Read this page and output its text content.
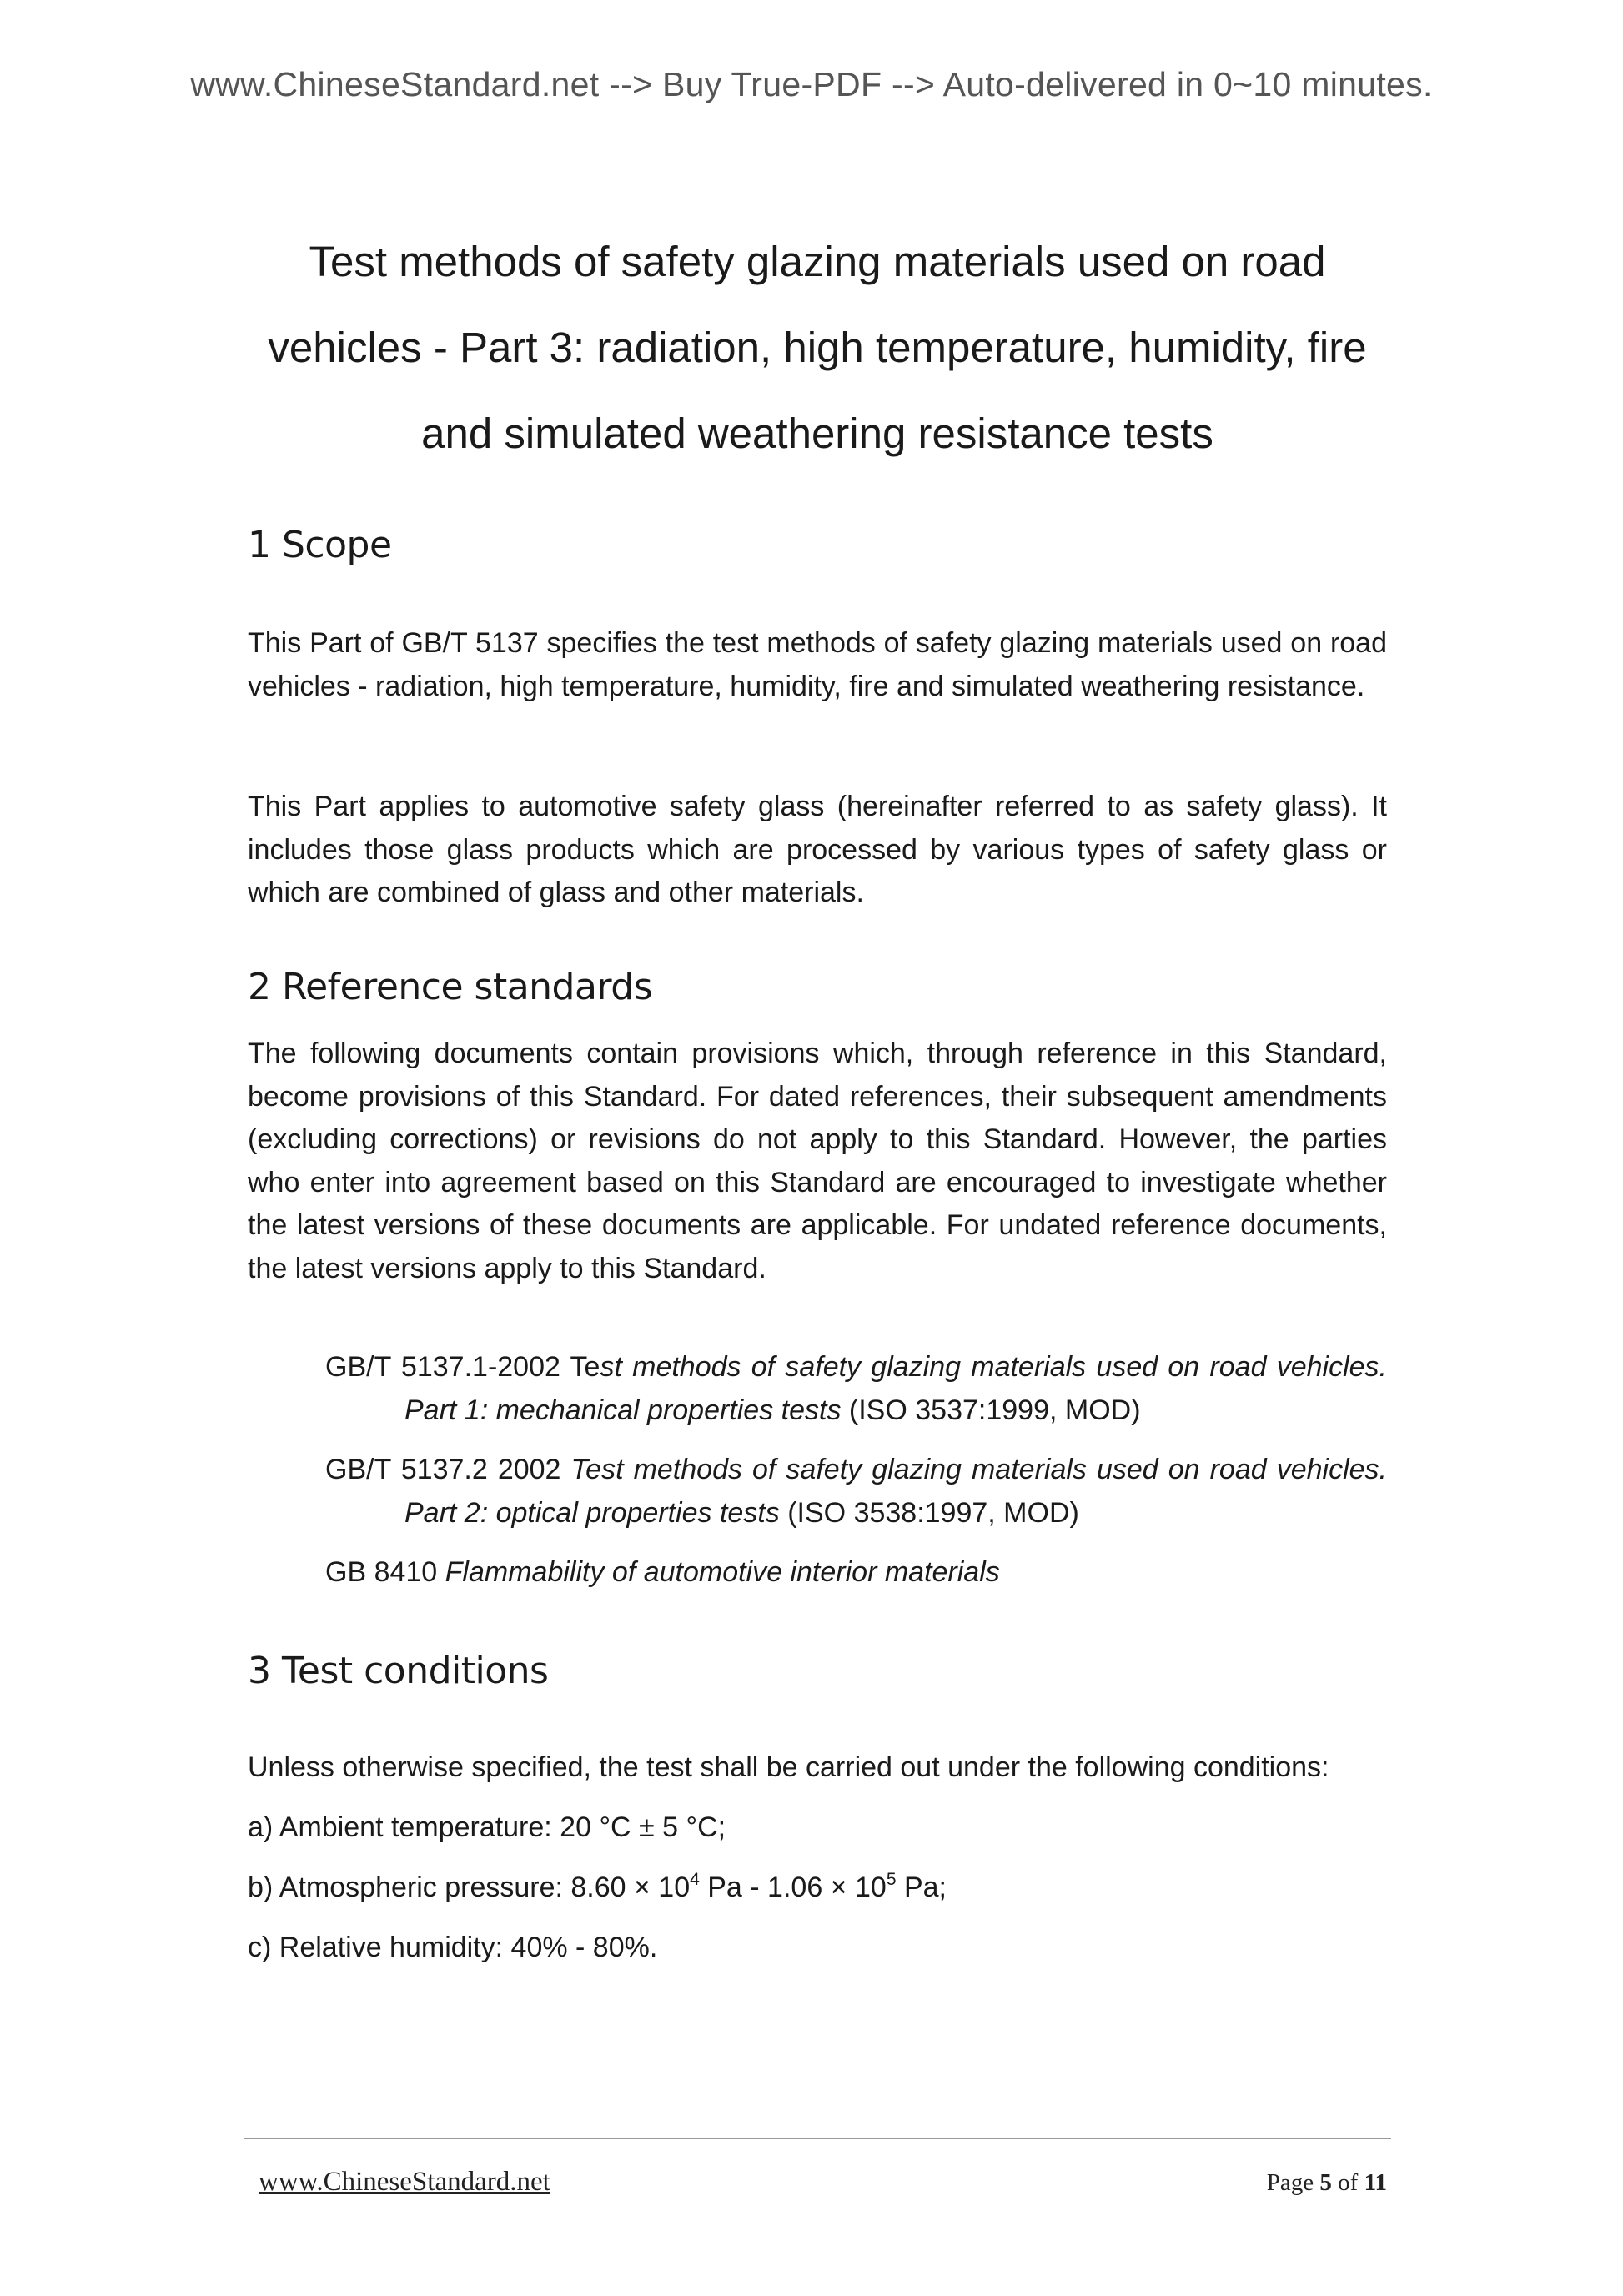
www.ChineseStandard.net --> Buy True-PDF --> Auto-delivered in 0~10 minutes.
Test methods of safety glazing materials used on road
vehicles - Part 3: radiation, high temperature, humidity, fire
and simulated weathering resistance tests
1 Scope

This Part of GB/T 5137 specifies the test methods of safety glazing materials used on road vehicles - radiation, high temperature, humidity, fire and simulated weathering resistance.

This Part applies to automotive safety glass (hereinafter referred to as safety glass). It includes those glass products which are processed by various types of safety glass or which are combined of glass and other materials.

2 Reference standards

The following documents contain provisions which, through reference in this Standard, become provisions of this Standard. For dated references, their subsequent amendments (excluding corrections) or revisions do not apply to this Standard. However, the parties who enter into agreement based on this Standard are encouraged to investigate whether the latest versions of these documents are applicable. For undated reference documents, the latest versions apply to this Standard.

GB/T 5137.1-2002 Test methods of safety glazing materials used on road vehicles. Part 1: mechanical properties tests (ISO 3537:1999, MOD)

GB/T 5137.2 2002 Test methods of safety glazing materials used on road vehicles. Part 2: optical properties tests (ISO 3538:1997, MOD)

GB 8410 Flammability of automotive interior materials

3 Test conditions

Unless otherwise specified, the test shall be carried out under the following conditions:

a) Ambient temperature: 20 °C ± 5 °C;

b) Atmospheric pressure: $8.60 \times 10^4$ $Pa - 1.06 \times 10^5$ Pa;

c) Relative humidity: 40% - 80%.

www.ChineseStandard.net	Page 5 of 11
